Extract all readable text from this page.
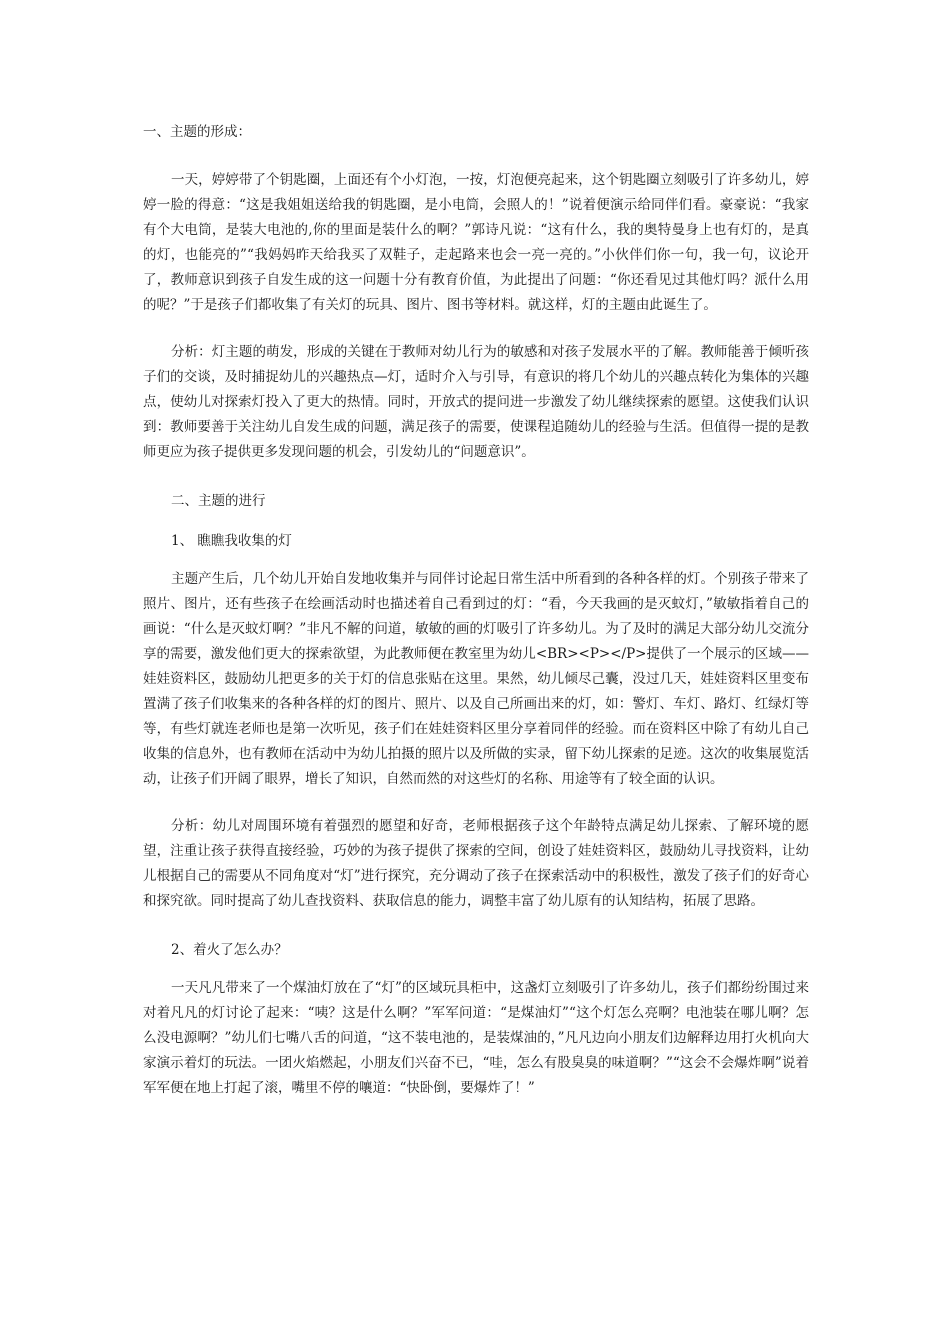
一、主题的形成：

一天，婷婷带了个钥匙圈，上面还有个小灯泡，一按，灯泡便亮起来，这个钥匙圈立刻吸引了许多幼儿，婷婷一脸的得意：“这是我姐姐送给我的钥匙圈，是小电筒，会照人的！”说着便演示给同伴们看。豪豪说：“我家有个大电筒，是装大电池的,你的里面是装什么的啊？”郭诗凡说：“这有什么，我的奥特曼身上也有灯的，是真的灯，也能亮的”“我妈妈昨天给我买了双鞋子，走起路来也会一亮一亮的。”小伙伴们你一句，我一句，议论开了，教师意识到孩子自发生成的这一问题十分有教育价值，为此提出了问题：“你还看见过其他灯吗？派什么用的呢？”于是孩子们都收集了有关灯的玩具、图片、图书等材料。就这样，灯的主题由此诞生了。

分析：灯主题的萌发，形成的关键在于教师对幼儿行为的敏感和对孩子发展水平的了解。教师能善于倾听孩子们的交谈，及时捕捉幼儿的兴趣热点—灯，适时介入与引导，有意识的将几个幼儿的兴趣点转化为集体的兴趣点，使幼儿对探索灯投入了更大的热情。同时，开放式的提问进一步激发了幼儿继续探索的愿望。这使我们认识到：教师要善于关注幼儿自发生成的问题，满足孩子的需要，使课程追随幼儿的经验与生活。但值得一提的是教师更应为孩子提供更多发现问题的机会，引发幼儿的“问题意识”。

二、主题的进行

1、 瞧瞧我收集的灯

主题产生后，几个幼儿开始自发地收集并与同伴讨论起日常生活中所看到的各种各样的灯。个别孩子带来了照片、图片，还有些孩子在绘画活动时也描述着自己看到过的灯：“看，今天我画的是灭蚊灯，”敏敏指着自己的画说：“什么是灭蚊灯啊？”非凡不解的问道，敏敏的画的灯吸引了许多幼儿。为了及时的满足大部分幼儿交流分享的需要，激发他们更大的探索欲望，为此教师便在教室里为幼儿<BR><P></P>提供了一个展示的区域——娃娃资料区，鼓励幼儿把更多的关于灯的信息张贴在这里。果然，幼儿倾尽己囊，没过几天，娃娃资料区里变布置满了孩子们收集来的各种各样的灯的图片、照片、以及自己所画出来的灯，如：警灯、车灯、路灯、红绿灯等等，有些灯就连老师也是第一次听见，孩子们在娃娃资料区里分享着同伴的经验。而在资料区中除了有幼儿自己收集的信息外，也有教师在活动中为幼儿拍摄的照片以及所做的实录，留下幼儿探索的足迹。这次的收集展览活动，让孩子们开阔了眼界，增长了知识，自然而然的对这些灯的名称、用途等有了较全面的认识。

分析：幼儿对周围环境有着强烈的愿望和好奇，老师根据孩子这个年龄特点满足幼儿探索、了解环境的愿望，注重让孩子获得直接经验，巧妙的为孩子提供了探索的空间，创设了娃娃资料区，鼓励幼儿寻找资料，让幼儿根据自己的需要从不同角度对“灯”进行探究，充分调动了孩子在探索活动中的积极性，激发了孩子们的好奇心和探究欲。同时提高了幼儿查找资料、获取信息的能力，调整丰富了幼儿原有的认知结构，拓展了思路。

2、着火了怎么办？

一天凡凡带来了一个煤油灯放在了“灯”的区域玩具柜中，这盏灯立刻吸引了许多幼儿，孩子们都纷纷围过来对着凡凡的灯讨论了起来：“咦？这是什么啊？”军军问道：“是煤油灯”“这个灯怎么亮啊？电池装在哪儿啊？怎么没电源啊？”幼儿们七嘴八舌的问道，“这不装电池的，是装煤油的，”凡凡边向小朋友们边解释边用打火机向大家演示着灯的玩法。一团火焰燃起，小朋友们兴奋不已，“哇，怎么有股臭臭的味道啊？”“这会不会爆炸啊”说着军军便在地上打起了滚，嘴里不停的嚷道：“快卧倒，要爆炸了！”
